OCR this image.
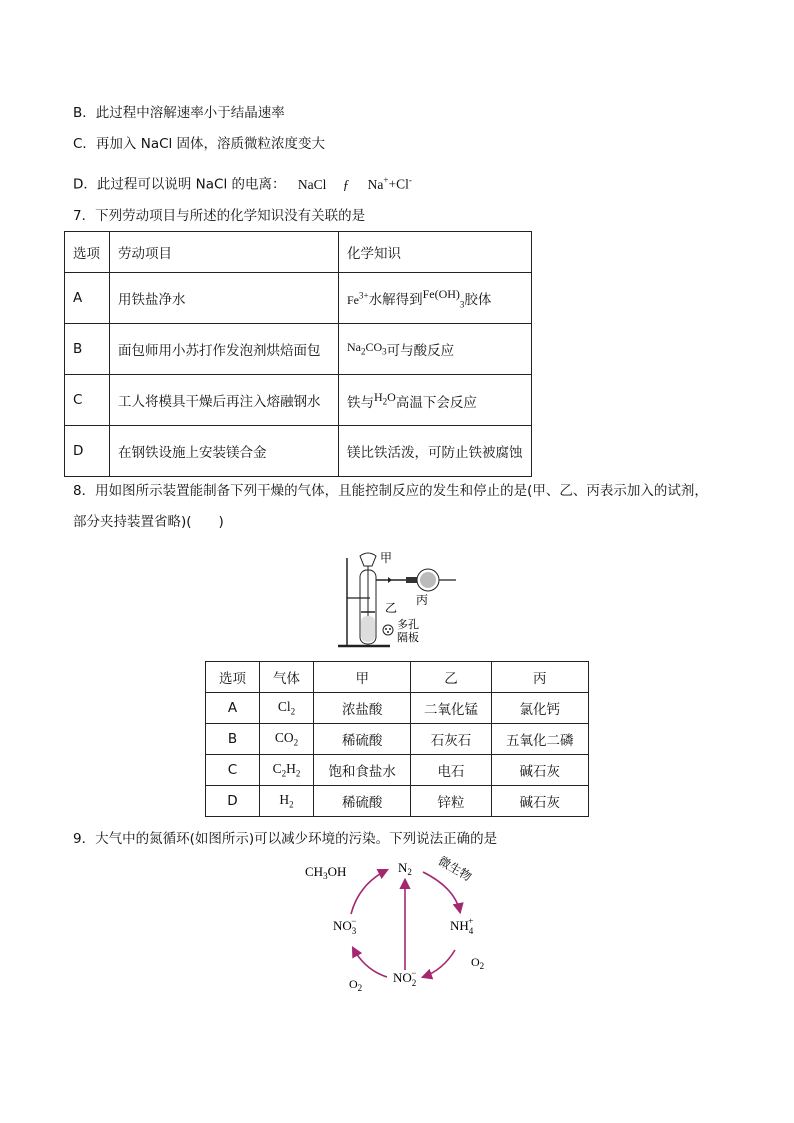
B．此过程中溶解速率小于结晶速率
C．再加入 NaCl 固体，溶质微粒浓度变大
D．此过程可以说明 NaCl 的电离： NaCl ƒ Na++Cl-
7．下列劳动项目与所述的化学知识没有关联的是
选项	劳动项目	化学知识
A	用铁盐净水	$Fe^{3+}$水解得到$Fe(OH)_3$胶体
B	面包师用小苏打作发泡剂烘焙面包	$Na_2CO_3$可与酸反应
C	工人将模具干燥后再注入熔融钢水	铁与$H_2O$高温下会反应
D	在钢铁设施上安装镁合金	镁比铁活泼，可防止铁被腐蚀
8．用如图所示装置能制备下列干燥的气体，且能控制反应的发生和停止的是(甲、乙、丙表示加入的试剂，
部分夹持装置省略)(　　)
甲
丙
乙
多孔
隔板
选项	气体	甲	乙	丙
A	$Cl_2$	浓盐酸	二氧化锰	氯化钙
B	$CO_2$	稀硫酸	石灰石	五氧化二磷
C	$C_2H_2$	饱和食盐水	电石	碱石灰
D	$H_2$	稀硫酸	锌粒	碱石灰
9．大气中的氮循环(如图所示)可以减少环境的污染。下列说法正确的是
$CH_3OH$	$N_2$ 微生物
$NH_4+$
$O_2$
$NO_2-$
$NO_3-$
$O_2$
